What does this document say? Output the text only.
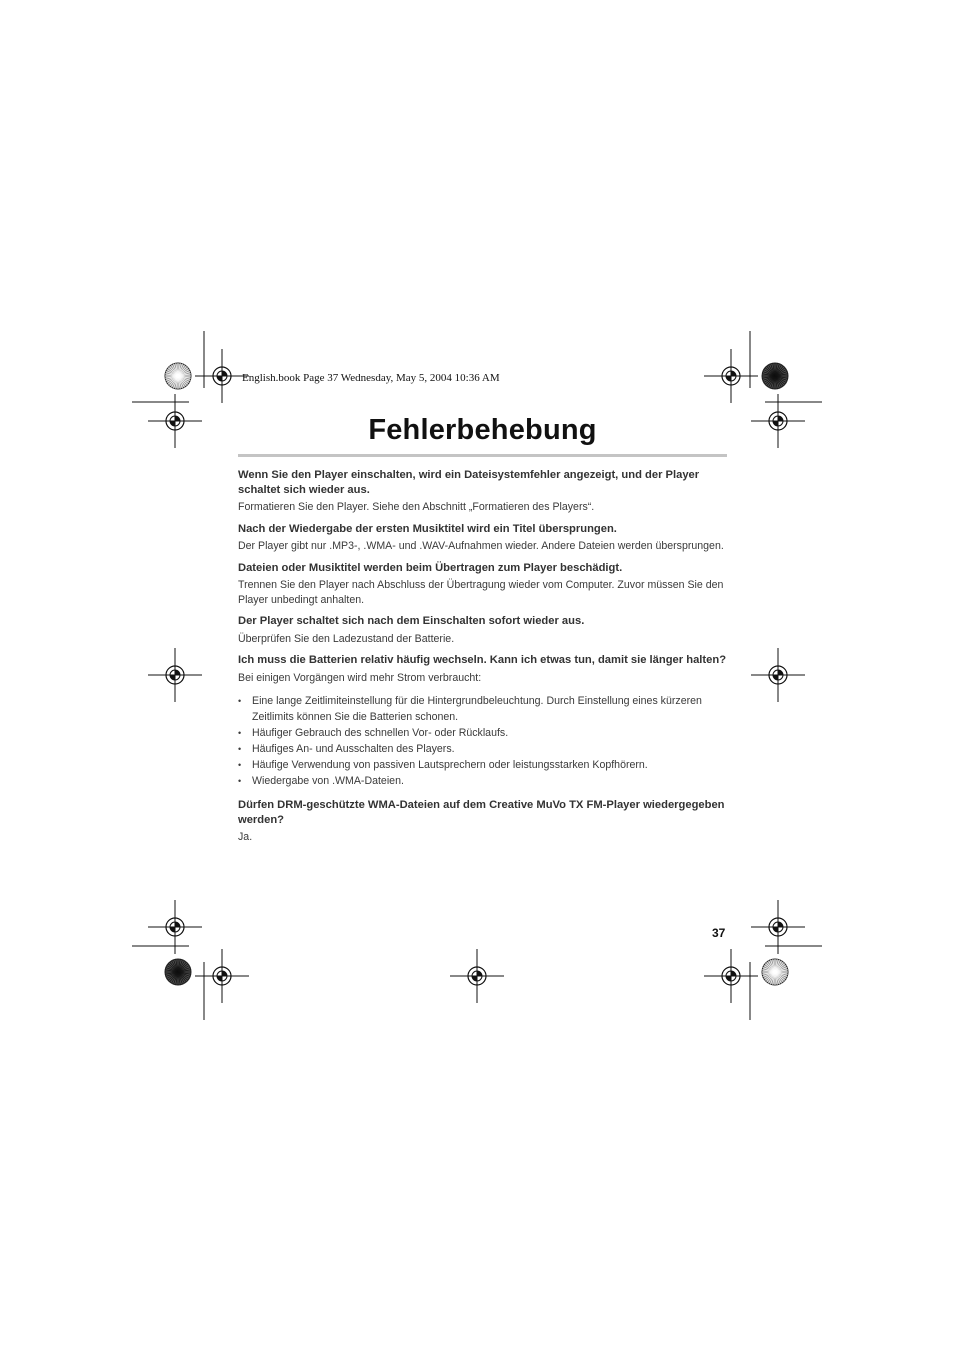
English.book Page 37 Wednesday, May 5, 2004 10:36 AM
Fehlerbehebung

Wenn Sie den Player einschalten, wird ein Dateisystemfehler angezeigt, und der Player schaltet sich wieder aus.

Formatieren Sie den Player. Siehe den Abschnitt „Formatieren des Players“.

Nach der Wiedergabe der ersten Musiktitel wird ein Titel übersprungen.

Der Player gibt nur .MP3-, .WMA- und .WAV-Aufnahmen wieder. Andere Dateien werden übersprungen.

Dateien oder Musiktitel werden beim Übertragen zum Player beschädigt.

Trennen Sie den Player nach Abschluss der Übertragung wieder vom Computer. Zuvor müssen Sie den Player unbedingt anhalten.

Der Player schaltet sich nach dem Einschalten sofort wieder aus.

Überprüfen Sie den Ladezustand der Batterie.

Ich muss die Batterien relativ häufig wechseln. Kann ich etwas tun, damit sie länger halten?

Bei einigen Vorgängen wird mehr Strom verbraucht:

• Eine lange Zeitlimiteinstellung für die Hintergrundbeleuchtung. Durch Einstellung eines kürzeren Zeitlimits können Sie die Batterien schonen.
• Häufiger Gebrauch des schnellen Vor- oder Rücklaufs.
• Häufiges An- und Ausschalten des Players.
• Häufige Verwendung von passiven Lautsprechern oder leistungsstarken Kopfhörern.
• Wiedergabe von .WMA-Dateien.

Dürfen DRM-geschützte WMA-Dateien auf dem Creative MuVo TX FM-Player wiedergegeben werden?

Ja.

37
